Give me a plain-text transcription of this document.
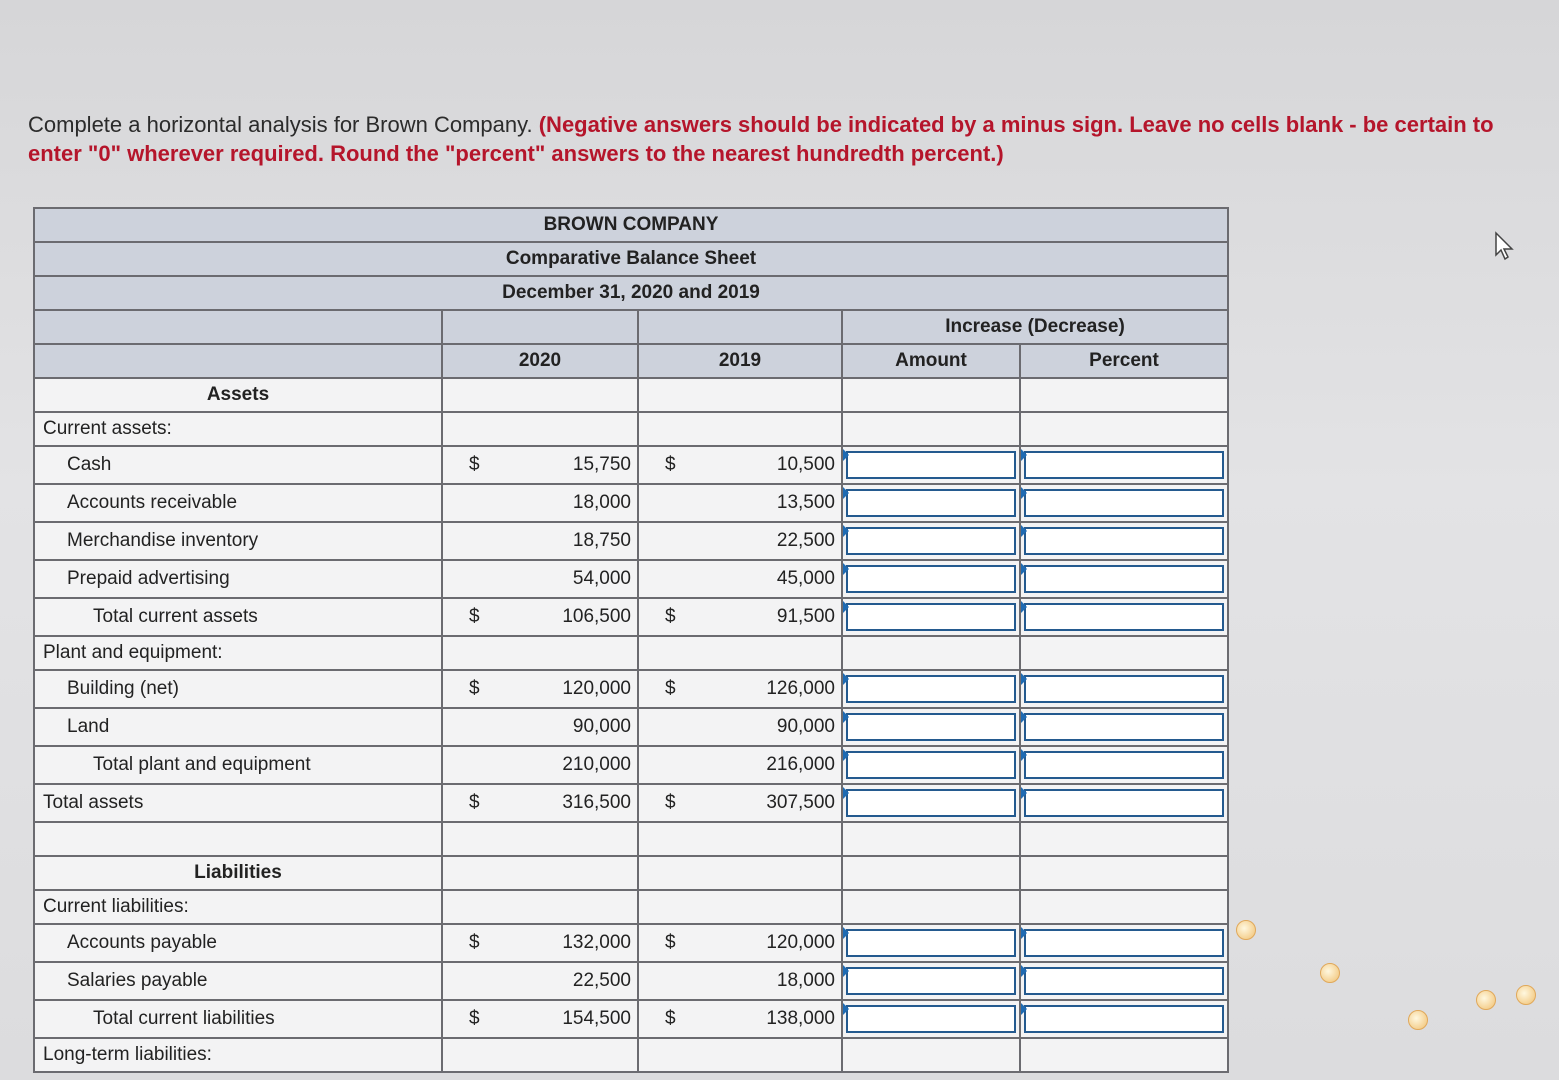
Complete a horizontal analysis for Brown Company. (Negative answers should be indicated by a minus sign. Leave no cells blank - be certain to enter "0" wherever required. Round the "percent" answers to the nearest hundredth percent.)
BROWN COMPANY				
Comparative Balance Sheet				
December 31, 2020 and 2019				
			Increase (Decrease)	
	2020	2019	Amount	Percent
Assets				
Current assets:				
Cash	$ 15,750	$ 10,500

Accounts receivable	18,000	13,500

Merchandise inventory	18,750	22,500

Prepaid advertising	54,000	45,000

Total current assets	$ 106,500	$ 91,500

Plant and equipment:				
Building (net)	$ 120,000	$ 126,000

Land	90,000	90,000

Total plant and equipment	210,000	216,000

Total assets	$ 316,500	$ 307,500

Liabilities				
Current liabilities:				
Accounts payable	$ 132,000	$ 120,000

Salaries payable	22,500	18,000

Total current liabilities	$ 154,500	$ 138,000

Long-term liabilities:				
